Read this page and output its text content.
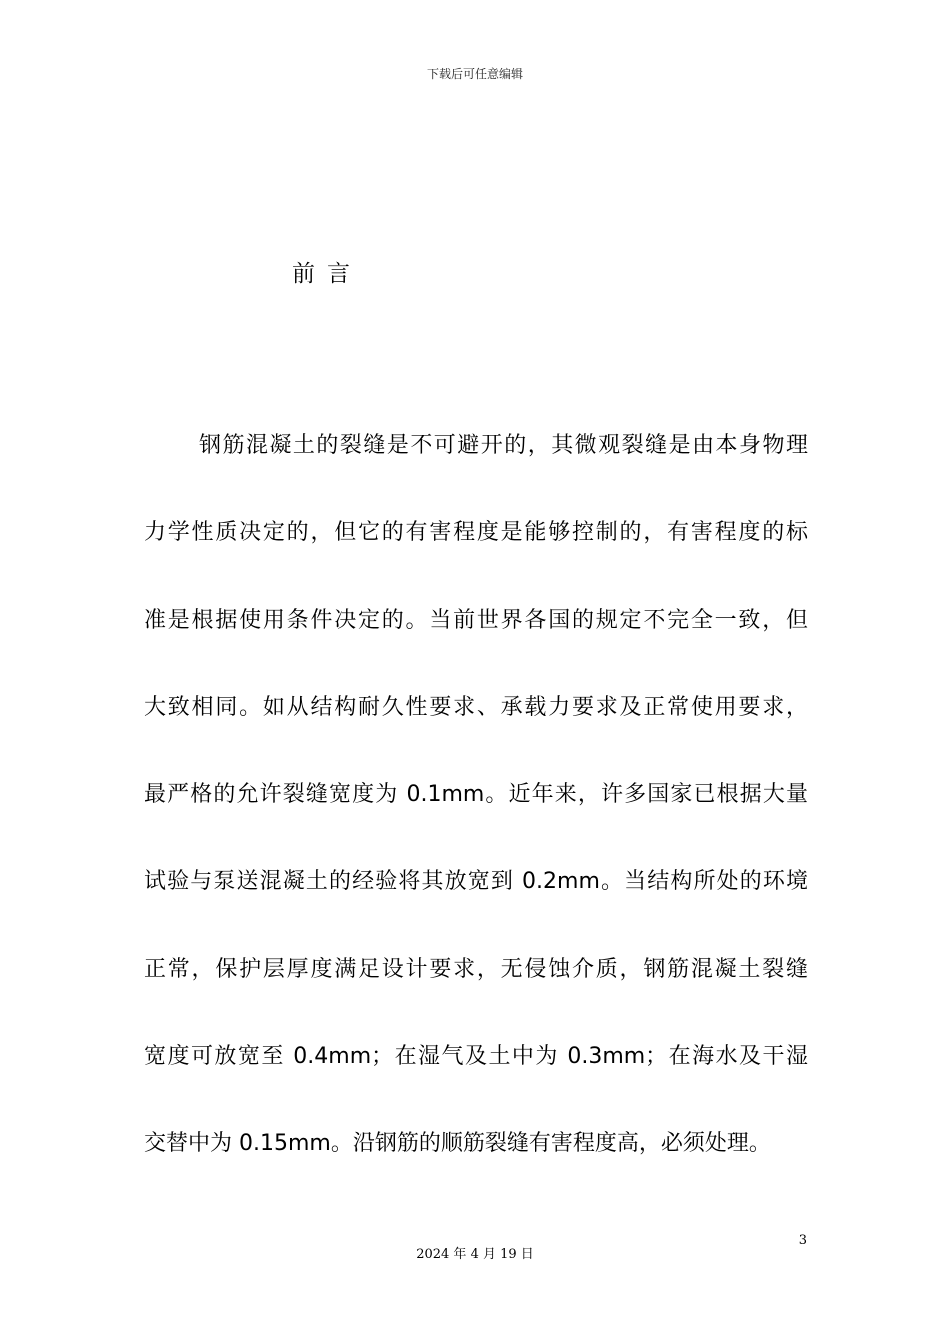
下载后可任意编辑
前言
钢筋混凝土的裂缝是不可避开的，其微观裂缝是由本身物理
力学性质决定的，但它的有害程度是能够控制的，有害程度的标
准是根据使用条件决定的。当前世界各国的规定不完全一致，但
大致相同。如从结构耐久性要求、承载力要求及正常使用要求，
最严格的允许裂缝宽度为 0.1mm。近年来，许多国家已根据大量
试验与泵送混凝土的经验将其放宽到 0.2mm。当结构所处的环境
正常，保护层厚度满足设计要求，无侵蚀介质，钢筋混凝土裂缝
宽度可放宽至 0.4mm；在湿气及土中为 0.3mm；在海水及干湿
交替中为 0.15mm。沿钢筋的顺筋裂缝有害程度高，必须处理。
3
2024 年 4 月 19 日
